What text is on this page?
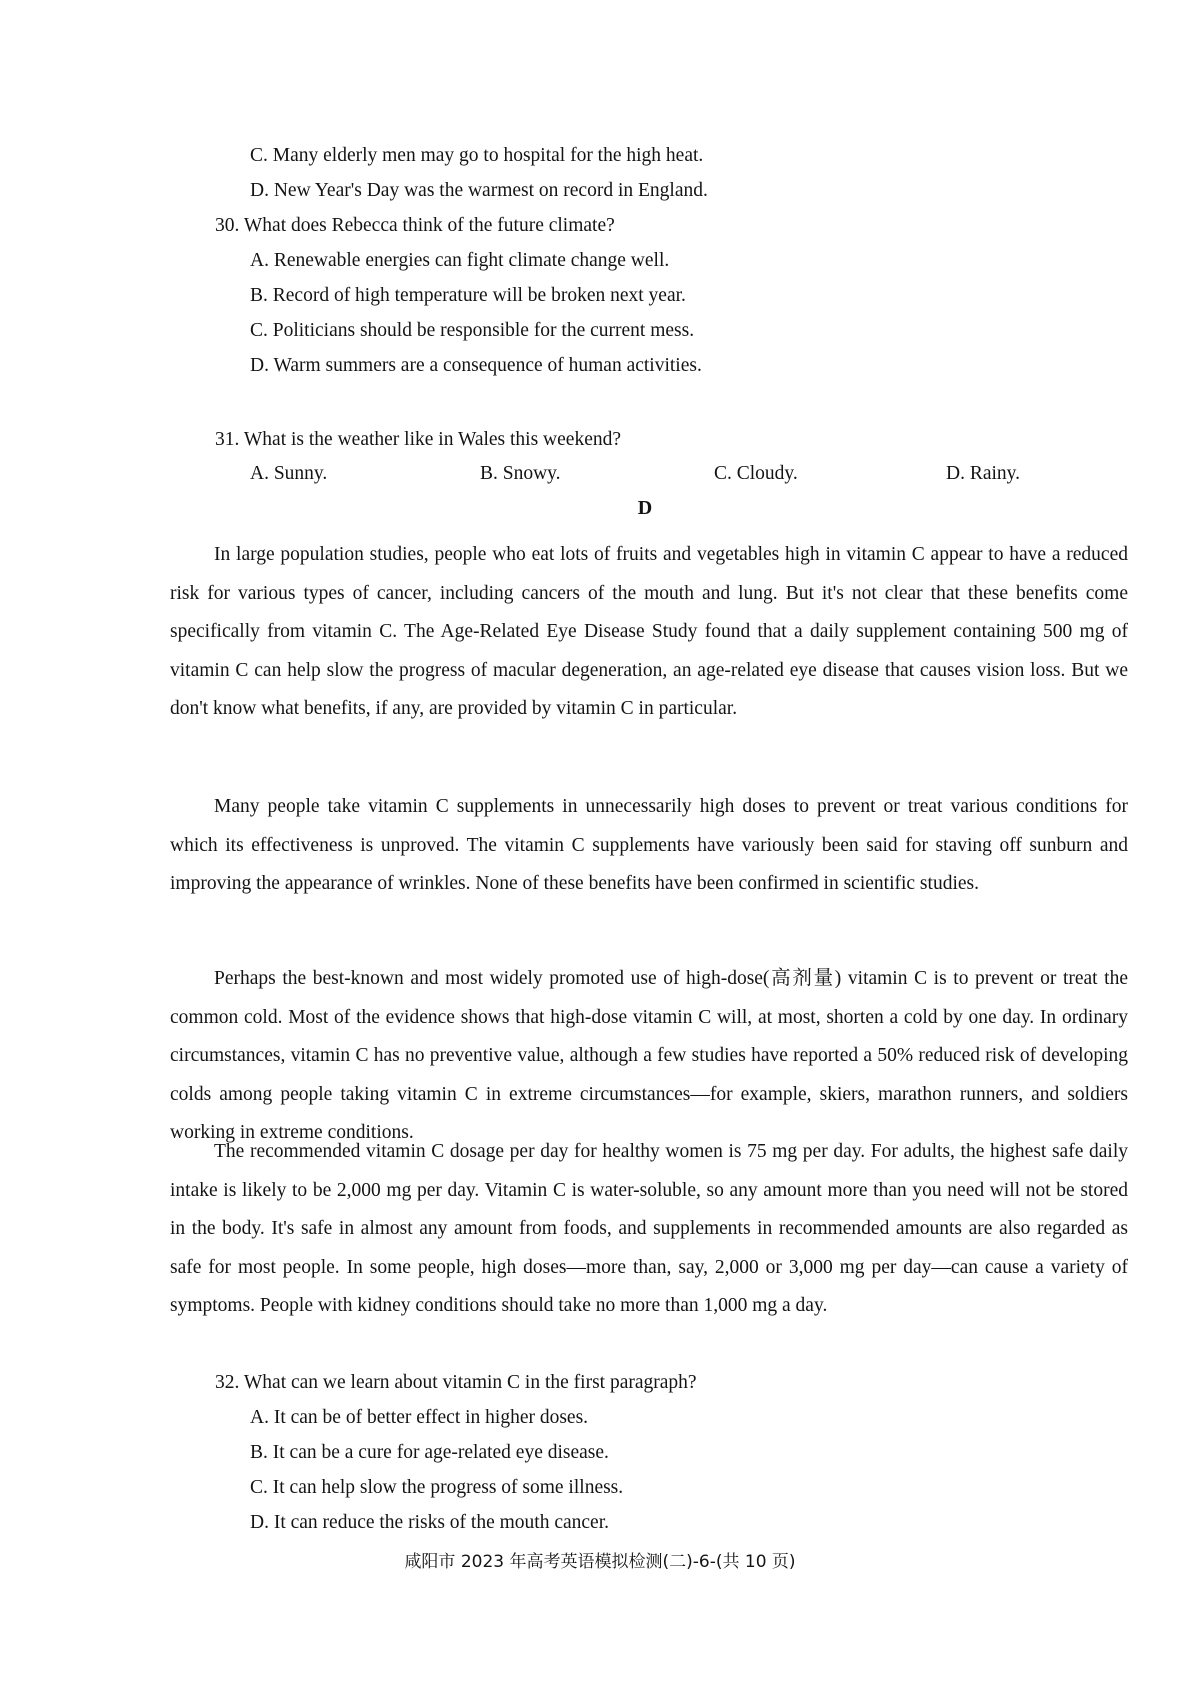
C. Many elderly men may go to hospital for the high heat.
D. New Year's Day was the warmest on record in England.
30. What does Rebecca think of the future climate?
A. Renewable energies can fight climate change well.
B. Record of high temperature will be broken next year.
C. Politicians should be responsible for the current mess.
D. Warm summers are a consequence of human activities.
31. What is the weather like in Wales this weekend?
A. Sunny.	B. Snowy.	C. Cloudy.	D. Rainy.
D
In large population studies, people who eat lots of fruits and vegetables high in vitamin C appear to have a reduced risk for various types of cancer, including cancers of the mouth and lung. But it's not clear that these benefits come specifically from vitamin C. The Age-Related Eye Disease Study found that a daily supplement containing 500 mg of vitamin C can help slow the progress of macular degeneration, an age-related eye disease that causes vision loss. But we don't know what benefits, if any, are provided by vitamin C in particular.
Many people take vitamin C supplements in unnecessarily high doses to prevent or treat various conditions for which its effectiveness is unproved. The vitamin C supplements have variously been said for staving off sunburn and improving the appearance of wrinkles. None of these benefits have been confirmed in scientific studies.
Perhaps the best-known and most widely promoted use of high-dose(高剂量) vitamin C is to prevent or treat the common cold. Most of the evidence shows that high-dose vitamin C will, at most, shorten a cold by one day. In ordinary circumstances, vitamin C has no preventive value, although a few studies have reported a 50% reduced risk of developing colds among people taking vitamin C in extreme circumstances—for example, skiers, marathon runners, and soldiers working in extreme conditions.
The recommended vitamin C dosage per day for healthy women is 75 mg per day. For adults, the highest safe daily intake is likely to be 2,000 mg per day. Vitamin C is water-soluble, so any amount more than you need will not be stored in the body. It's safe in almost any amount from foods, and supplements in recommended amounts are also regarded as safe for most people. In some people, high doses—more than, say, 2,000 or 3,000 mg per day—can cause a variety of symptoms. People with kidney conditions should take no more than 1,000 mg a day.
32. What can we learn about vitamin C in the first paragraph?
A. It can be of better effect in higher doses.
B. It can be a cure for age-related eye disease.
C. It can help slow the progress of some illness.
D. It can reduce the risks of the mouth cancer.
咸阳市 2023 年高考英语模拟检测(二)-6-(共 10 页)
